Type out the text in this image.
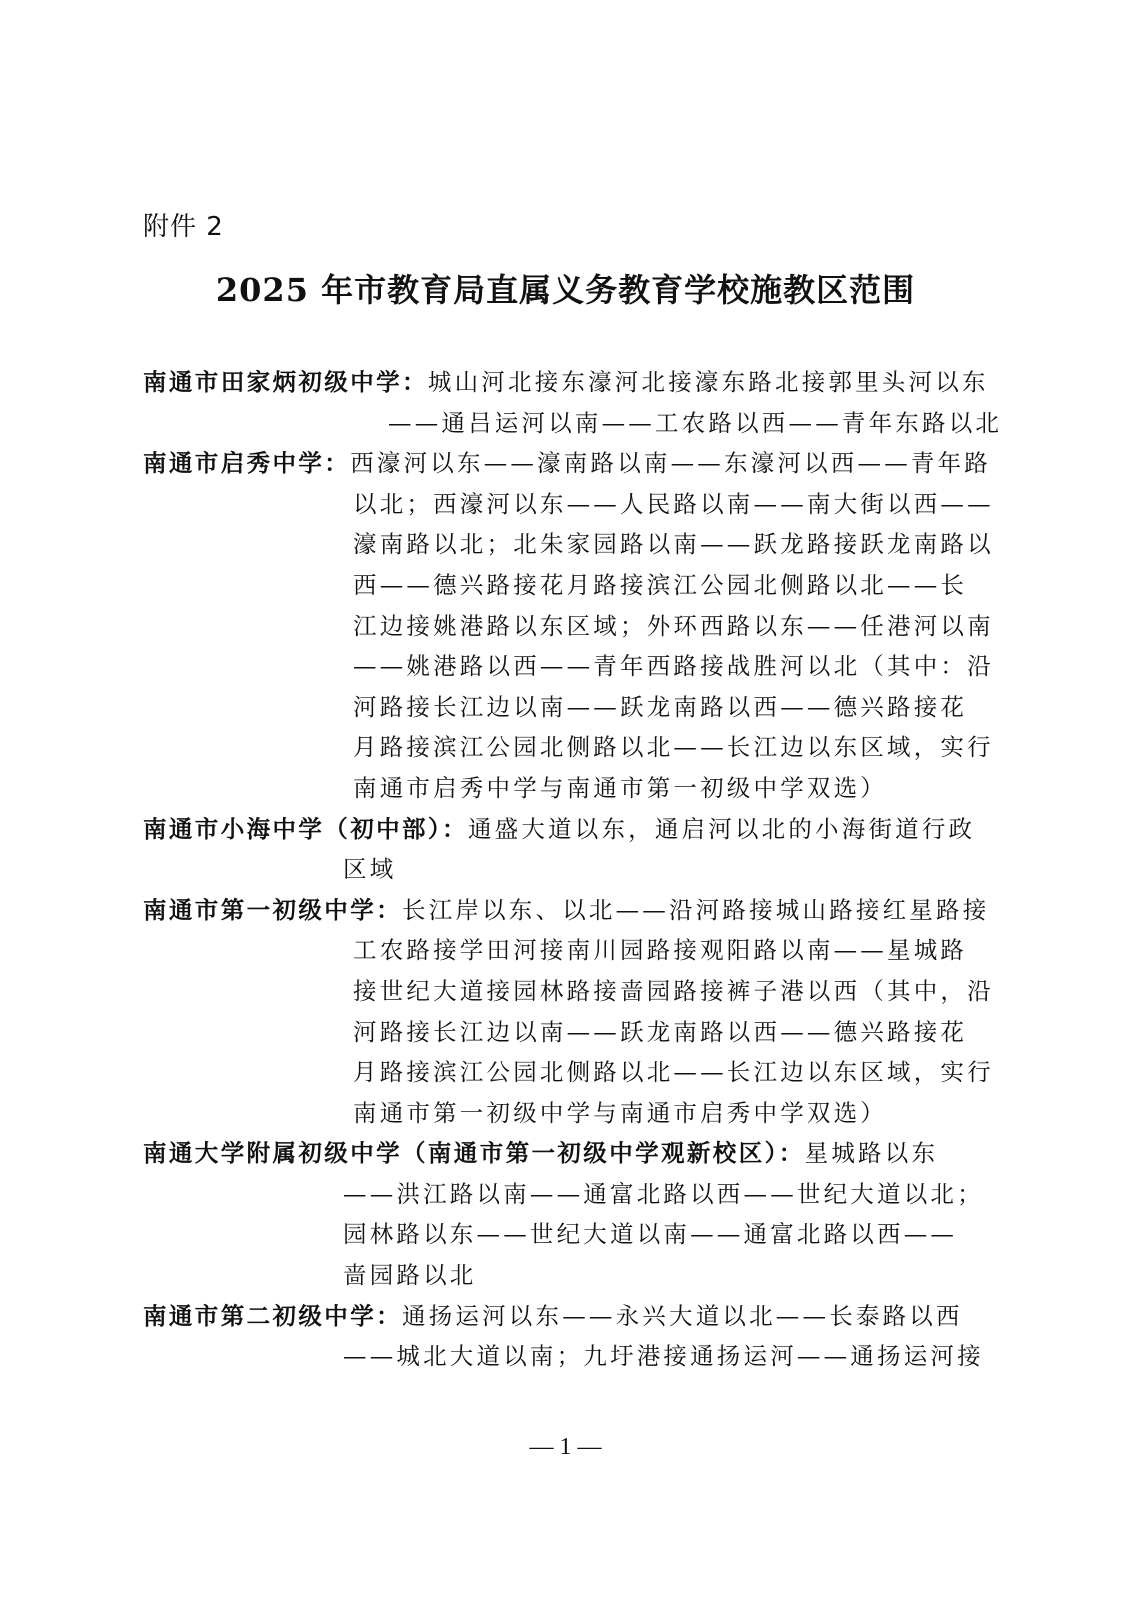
附件 2
2025 年市教育局直属义务教育学校施教区范围
南通市田家炳初级中学：城山河北接东濠河北接濠东路北接郭里头河以东
——通吕运河以南——工农路以西——青年东路以北
南通市启秀中学：西濠河以东——濠南路以南——东濠河以西——青年路
以北；西濠河以东——人民路以南——南大街以西——
濠南路以北；北朱家园路以南——跃龙路接跃龙南路以
西——德兴路接花月路接滨江公园北侧路以北——长
江边接姚港路以东区域；外环西路以东——任港河以南
——姚港路以西——青年西路接战胜河以北（其中：沿
河路接长江边以南——跃龙南路以西——德兴路接花
月路接滨江公园北侧路以北——长江边以东区域，实行
南通市启秀中学与南通市第一初级中学双选）
南通市小海中学（初中部）：通盛大道以东，通启河以北的小海街道行政
区域
南通市第一初级中学：长江岸以东、以北——沿河路接城山路接红星路接
工农路接学田河接南川园路接观阳路以南——星城路
接世纪大道接园林路接啬园路接裤子港以西（其中，沿
河路接长江边以南——跃龙南路以西——德兴路接花
月路接滨江公园北侧路以北——长江边以东区域，实行
南通市第一初级中学与南通市启秀中学双选）
南通大学附属初级中学（南通市第一初级中学观新校区）：星城路以东
——洪江路以南——通富北路以西——世纪大道以北；
园林路以东——世纪大道以南——通富北路以西——
啬园路以北
南通市第二初级中学：通扬运河以东——永兴大道以北——长泰路以西
——城北大道以南；九圩港接通扬运河——通扬运河接
— 1 —
